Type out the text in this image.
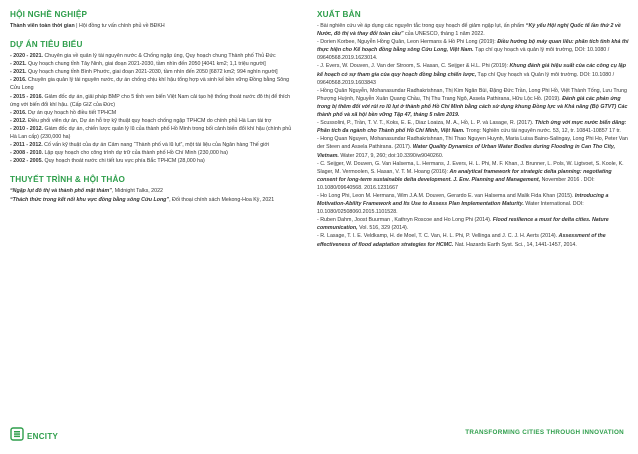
HỘI NGHỀ NGHIỆP

Thành viên toàn thời gian | Hội đồng tư vấn chính phủ về BĐKH

DỰ ÁN TIÊU BIỂU

- 2020 - 2021. Chuyên gia về quản lý tài nguyên nước & Chống ngập úng, Quy hoạch chung Thành phố Thủ Đức

- 2021. Quy hoạch chung tỉnh Tây Ninh, giai đoạn 2021-2030, tầm nhìn đến 2050 [4041 km2; 1,1 triệu người]

- 2021. Quy hoạch chung tỉnh Bình Phước, giai đoạn 2021-2030, tầm nhìn đến 2050 [6872 km2; 994 nghìn người]

- 2016. Chuyên gia quản lý tài nguyên nước, dự án chống chịu khí hậu tổng hợp và sinh kế bền vững Đồng bằng Sông Cửu Long

- 2015 - 2016. Giảm đốc dự án, giải pháp BMP cho 5 tỉnh ven biển Việt Nam cải tạo hệ thống thoát nước đô thị để thích ứng với biến đổi khí hậu. (Cấp GIZ của Đức)

- 2016. Dự án quy hoạch hồ điều tiết TPHCM

- 2012. Điều phối viên dự án, Dự án hỗ trợ kỹ thuật quy hoạch chống ngập TPHCM do chính phủ Hà Lan tài trợ

- 2010 - 2012. Giám đốc dự án, chiến lược quản lý lũ của thành phố Hồ Minh trong bối cảnh biến đổi khí hậu (chính phủ Hà Lan cấp) (230,000 ha)

- 2011 - 2012. Cố vấn kỹ thuật của dự án Cảm nang “Thành phố và lũ lụt”, một tài liệu của Ngân hàng Thế giới

- 2008 - 2010. Lập quy hoạch cho công trình dự trữ của thành phố Hồ Chí Minh (230,000 ha)

- 2002 - 2005. Quy hoạch thoát nước chi tiết lưu vực phía Bắc TPHCM (28,000 ha)

THUYẾT TRÌNH & HỘI THẢO

“Ngập lụt đô thị và thành phố mặt thảm”, Midnight Talks, 2022

“Thách thức trong kết nối khu vực đồng bằng sông Cửu Long”, Đối thoại chính sách Mekong-Hoa Kỳ, 2021

XUẤT BẢN

- Bài nghiên cứu về áp dụng các nguyên tắc trong quy hoạch để giảm ngập lụt, ấn phẩm “Kỷ yếu Hội nghị Quốc tế lần thứ 2 về Nước, đô thị và thay đổi toàn cầu” của UNESCO, tháng 1 năm 2022.

- Dorien Korbee, Nguyễn Hồng Quân, Leon Hermans & Hồ Phi Long (2019): Điều hướng bộ máy quan liêu: phân tích tình khả thi thực hiện cho Kế hoạch đồng bằng sông Cửu Long, Việt Nam. Tạp chí quy hoạch và quản lý môi trường, DOI: 10.1080 / 09640568.2019.1623014.

- J. Evers, W. Douven, J. Van der Stroom, S. Hasan, C. Seijger & H.L. Phi (2019): Khung đánh giá hiệu suất của các công cụ lập kế hoạch có sự tham gia của quy hoạch đồng bằng chiến lược, Tạp chí Quy hoạch và Quản lý môi trường. DOI: 10.1080 / 09640568.2019.1603843

- Hồng Quân Nguyễn, Mohanasundar Radhakrishnan, Thị Kim Ngân Bùi, Đặng Đức Trần, Long Phi Hồ, Việt Thành Tống, Lưu Trung Phượng Huỳnh, Nguyễn Xuân Quang Chầu, Thị Thu Trang Ngô, Assela Pathirana, Hữu Lộc Hồ. (2019). Đánh giá các phản ứng trong bị thêm đối với rủi ro lũ lụt ở thành phố Hồ Chí Minh bằng cách sử dụng khung Đồng lực và Khả năng (Bộ GTVT) Các thành phố và xã hội bền vững Tập 47, tháng 5 năm 2019.

- Scussolini, P., Trần, T. V. T., Koks, E. E., Diaz Loaiza, M. A., Hồ, L. P. và Lasage, R. (2017). Thích ứng với mực nước biển dâng: Phân tích đa ngành cho Thành phố Hồ Chí Minh, Việt Nam. Trong: Nghiên cứu tài nguyên nước. 53, 12, tr. 10841-10857 17 tr.

- Hong Quan Nguyen, Mohanasundar Radhakrishnan, Thi Thao Nguyen Huynh, Maria Luisa Baino-Salingay, Long Phi Ho, Peter Van der Steen and Assela Pathirana. (2017). Water Quality Dynamics of Urban Water Bodies during Flooding in Can Tho City, Vietnam. Water 2017, 9, 260; doi:10.3390/w9040260.

- C. Seijger, W. Douven, G. Van Halsema, L. Hermans, J. Evers, H. L. Phi, M. F. Khan, J. Brunner, L. Pols, W. Ligtvoet, S. Koole, K. Slager, M. Vermoolen, S. Hasan, V. T. M. Hoang (2016): An analytical framework for strategic delta planning: negotiating consent for long-term sustainable delta development. J. Env. Planning and Management, November 2016 . DOI: 10.1080/09640568. 2016.1231667

- Ho Long Phi, Leon M. Hermans, Wim J.A.M. Douven, Gerardo E. van Halsema and Malik Fida Khan (2015). Introducing a Motivation-Ability Framework and Its Use to Assess Plan Implementation Maturity. Water International. DOI: 10.1080/02508060.2015.1101528.

- Ruben Dahm, Joost Buurman , Kathryn Roscoe and Ho Long Phi (2014). Flood resilience a must for delta cities. Nature communication, Vol. 516, 329 (2014).

- R. Lasage, T. I. E. Veldkamp, H. de Moel, T. C. Van, H. L. Phi, P. Vellinga and J. C. J. H. Aerts (2014). Assessment of the effectiveness of flood adaptation strategies for HCMC. Nat. Hazards Earth Syst. Sci., 14, 1441-1457, 2014.

ENCITY	TRANSFORMING CITIES THROUGH INNOVATION
